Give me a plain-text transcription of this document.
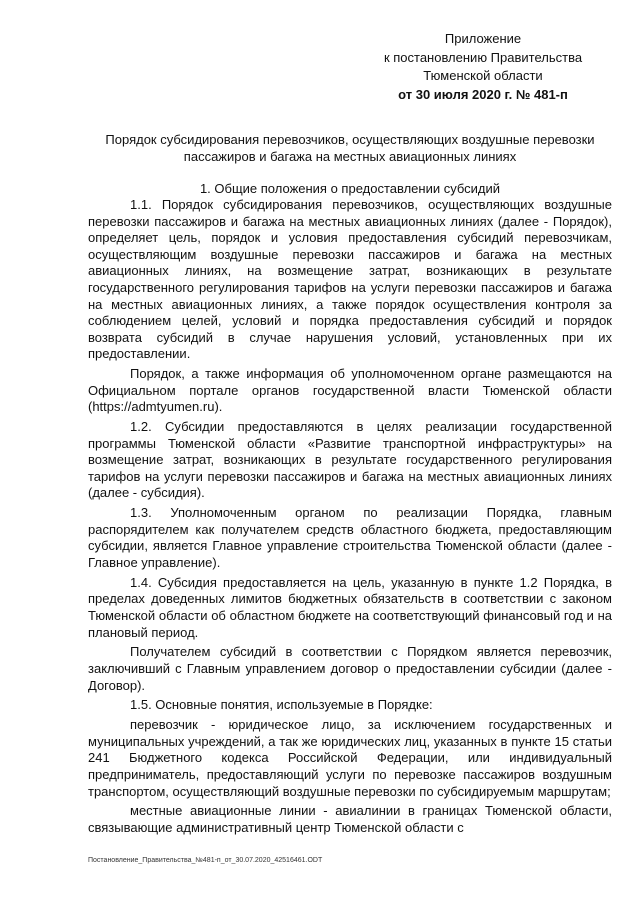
Приложение
к постановлению Правительства
Тюменской области
от 30 июля 2020 г. № 481-п
Порядок субсидирования перевозчиков, осуществляющих воздушные перевозки пассажиров и багажа на местных авиационных линиях
1. Общие положения о предоставлении субсидий

1.1. Порядок субсидирования перевозчиков, осуществляющих воздушные перевозки пассажиров и багажа на местных авиационных линиях (далее - Порядок), определяет цель, порядок и условия предоставления субсидий перевозчикам, осуществляющим воздушные перевозки пассажиров и багажа на местных авиационных линиях, на возмещение затрат, возникающих в результате государственного регулирования тарифов на услуги перевозки пассажиров и багажа на местных авиационных линиях, а также порядок осуществления контроля за соблюдением целей, условий и порядка предоставления субсидий и порядок возврата субсидий в случае нарушения условий, установленных при их предоставлении.

Порядок, а также информация об уполномоченном органе размещаются на Официальном портале органов государственной власти Тюменской области (https://admtyumen.ru).

1.2. Субсидии предоставляются в целях реализации государственной программы Тюменской области «Развитие транспортной инфраструктуры» на возмещение затрат, возникающих в результате государственного регулирования тарифов на услуги перевозки пассажиров и багажа на местных авиационных линиях (далее - субсидия).

1.3. Уполномоченным органом по реализации Порядка, главным распорядителем как получателем средств областного бюджета, предоставляющим субсидии, является Главное управление строительства Тюменской области (далее - Главное управление).

1.4. Субсидия предоставляется на цель, указанную в пункте 1.2 Порядка, в пределах доведенных лимитов бюджетных обязательств в соответствии с законом Тюменской области об областном бюджете на соответствующий финансовый год и на плановый период.

Получателем субсидий в соответствии с Порядком является перевозчик, заключивший с Главным управлением договор о предоставлении субсидии (далее - Договор).

1.5. Основные понятия, используемые в Порядке:

перевозчик - юридическое лицо, за исключением государственных и муниципальных учреждений, а так же юридических лиц, указанных в пункте 15 статьи 241 Бюджетного кодекса Российской Федерации, или индивидуальный предприниматель, предоставляющий услуги по перевозке пассажиров воздушным транспортом, осуществляющий воздушные перевозки по субсидируемым маршрутам;

местные авиационные линии - авиалинии в границах Тюменской области, связывающие административный центр Тюменской области с

Постановление_Правительства_№481-п_от_30.07.2020_42516461.ODT
